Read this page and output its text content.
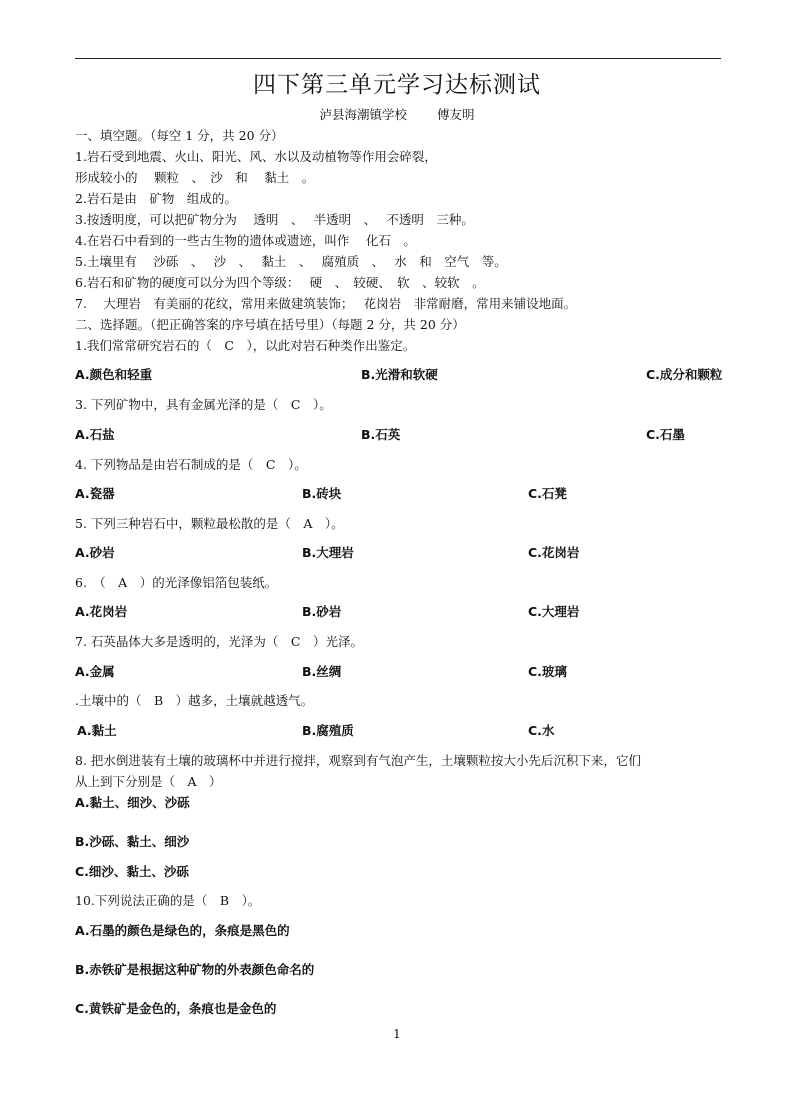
四下第三单元学习达标测试
泸县海潮镇学校 傅友明
一、填空题。（每空 1 分，共 20 分）
1.岩石受到地震、火山、阳光、风、水以及动植物等作用会碎裂，
形成较小的　 颗粒　、　沙　和　 黏土　。
2.岩石是由　矿物　组成的。
3.按透明度，可以把矿物分为　 透明　、　 半透明　、　 不透明　三种。
4.在岩石中看到的一些古生物的遗体或遗迹，叫作　 化石　。
5.土壤里有　 沙砾　、　 沙　、　 黏土　、　 腐殖质　、　 水　和　空气　等。
6.岩石和矿物的硬度可以分为四个等级：　 硬　、　较硬、　软　、较软　。
7.　 大理岩　有美丽的花纹，常用来做建筑装饰；　 花岗岩　非常耐磨，常用来铺设地面。
二、选择题。（把正确答案的序号填在括号里）（每题 2 分，共 20 分）
1.我们常常研究岩石的（　C　），以此对岩石种类作出鉴定。
A.颜色和轻重	B.光滑和软硬	C.成分和颗粒
3. 下列矿物中，具有金属光泽的是（　C　）。
A.石盐	B.石英	C.石墨
4. 下列物品是由岩石制成的是（　C　）。
A.瓷器	B.砖块	C.石凳
5. 下列三种岩石中，颗粒最松散的是（　A　）。
A.砂岩	B.大理岩	C.花岗岩
6.　（　A　）的光泽像铝箔包装纸。
A.花岗岩	B.砂岩	C.大理岩
7. 石英晶体大多是透明的，光泽为（　C　）光泽。
A.金属	B.丝绸	C.玻璃
.土壤中的（　B　）越多，土壤就越透气。
A.黏土	B.腐殖质	C.水
8. 把水倒进装有土壤的玻璃杯中并进行搅拌，观察到有气泡产生，土壤颗粒按大小先后沉积下来，它们
从上到下分别是（　A　）
A.黏土、细沙、沙砾
B.沙砾、黏土、细沙
C.细沙、黏土、沙砾
10.下列说法正确的是（　B　）。
A.石墨的颜色是绿色的，条痕是黑色的
B.赤铁矿是根据这种矿物的外表颜色命名的
C.黄铁矿是金色的，条痕也是金色的
1
